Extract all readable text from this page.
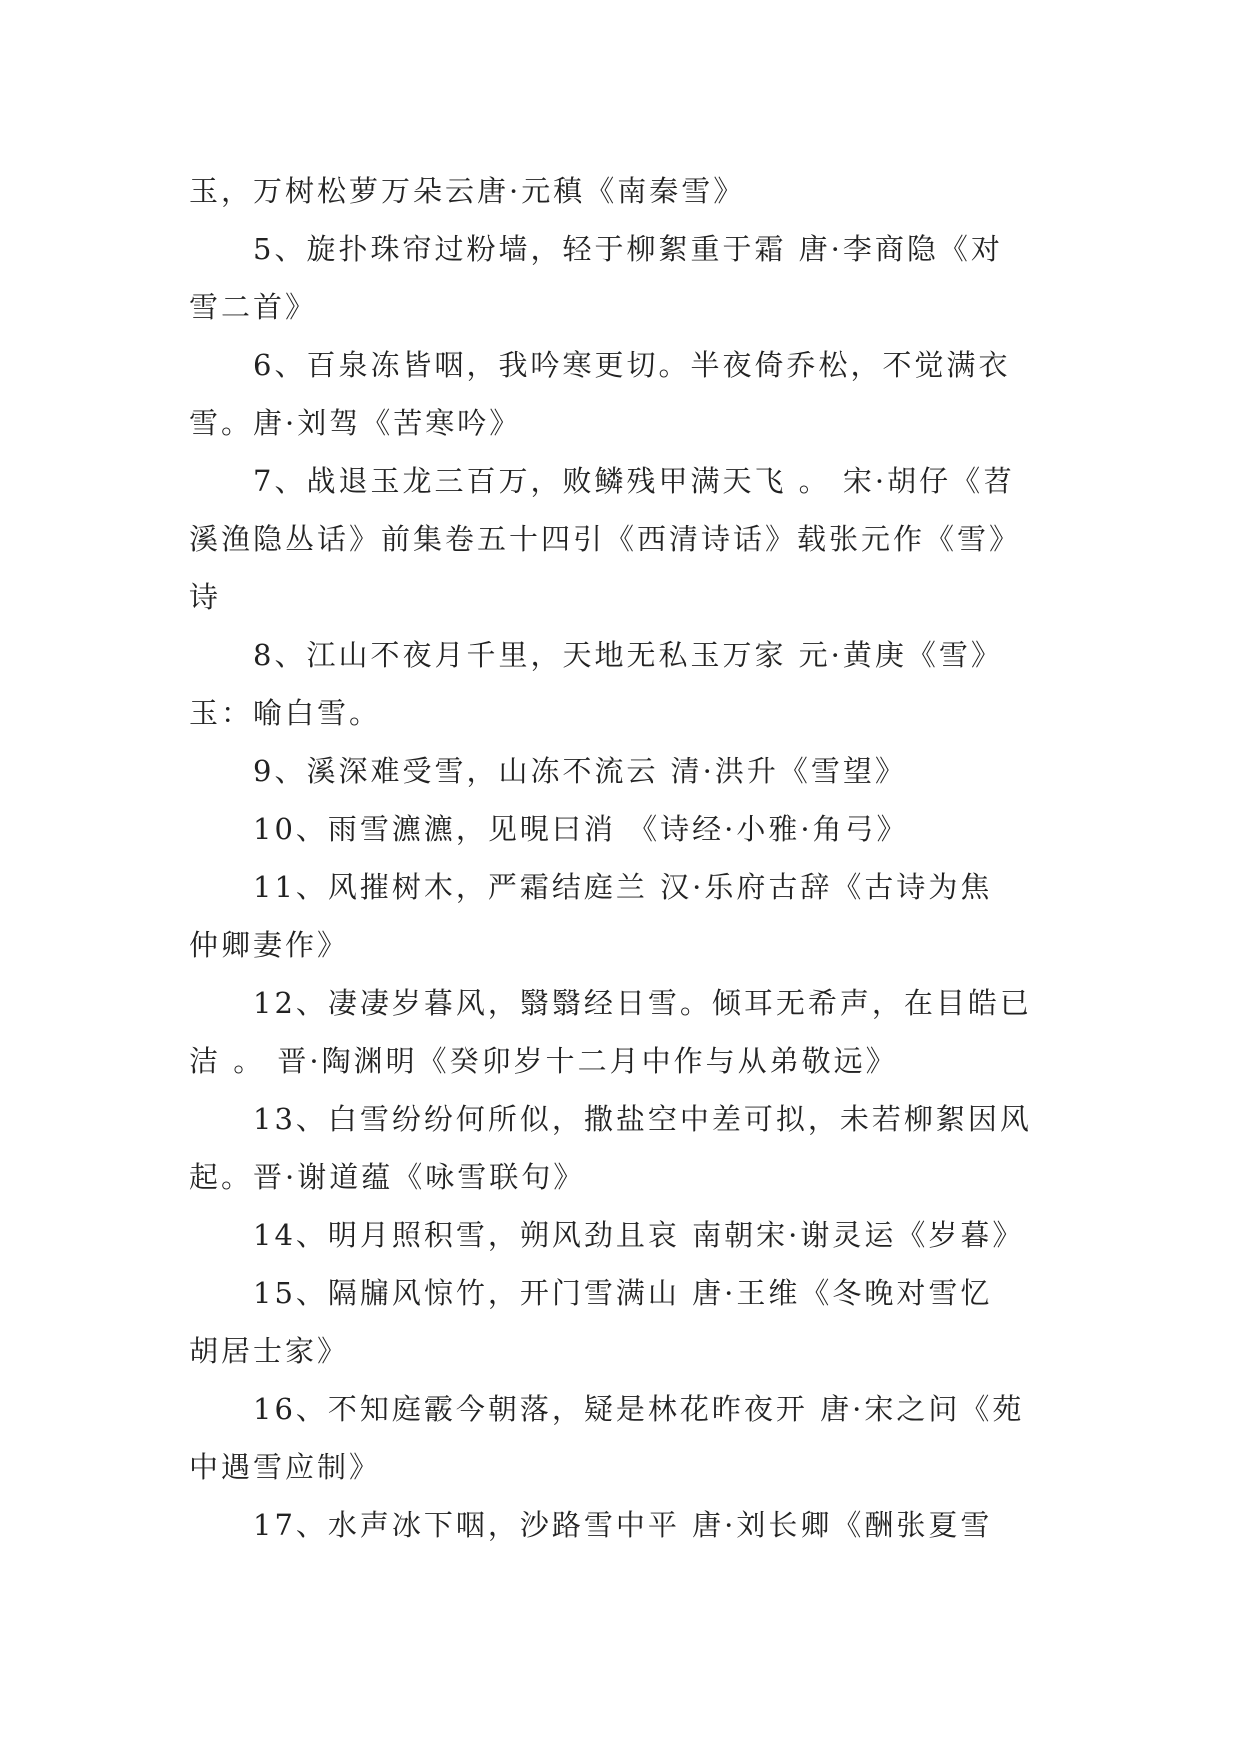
玉，万树松萝万朵云唐·元稹《南秦雪》

5、旋扑珠帘过粉墙，轻于柳絮重于霜 唐·李商隐《对
雪二首》

6、百泉冻皆咽，我吟寒更切。半夜倚乔松，不觉满衣
雪。唐·刘驾《苦寒吟》

7、战退玉龙三百万，败鳞残甲满天飞 。 宋·胡仔《苕
溪渔隐丛话》前集卷五十四引《西清诗话》载张元作《雪》
诗

8、江山不夜月千里，天地无私玉万家 元·黄庚《雪》
玉：喻白雪。

9、溪深难受雪，山冻不流云 清·洪升《雪望》

10、雨雪瀌瀌，见晛曰消 《诗经·小雅·角弓》

11、风摧树木，严霜结庭兰 汉·乐府古辞《古诗为焦
仲卿妻作》

12、凄凄岁暮风，翳翳经日雪。倾耳无希声，在目皓已
洁 。 晋·陶渊明《癸卯岁十二月中作与从弟敬远》

13、白雪纷纷何所似，撒盐空中差可拟，未若柳絮因风
起。晋·谢道蕴《咏雪联句》

14、明月照积雪，朔风劲且哀 南朝宋·谢灵运《岁暮》

15、隔牖风惊竹，开门雪满山 唐·王维《冬晚对雪忆
胡居士家》

16、不知庭霰今朝落，疑是林花昨夜开 唐·宋之问《苑
中遇雪应制》

17、水声冰下咽，沙路雪中平 唐·刘长卿《酬张夏雪
